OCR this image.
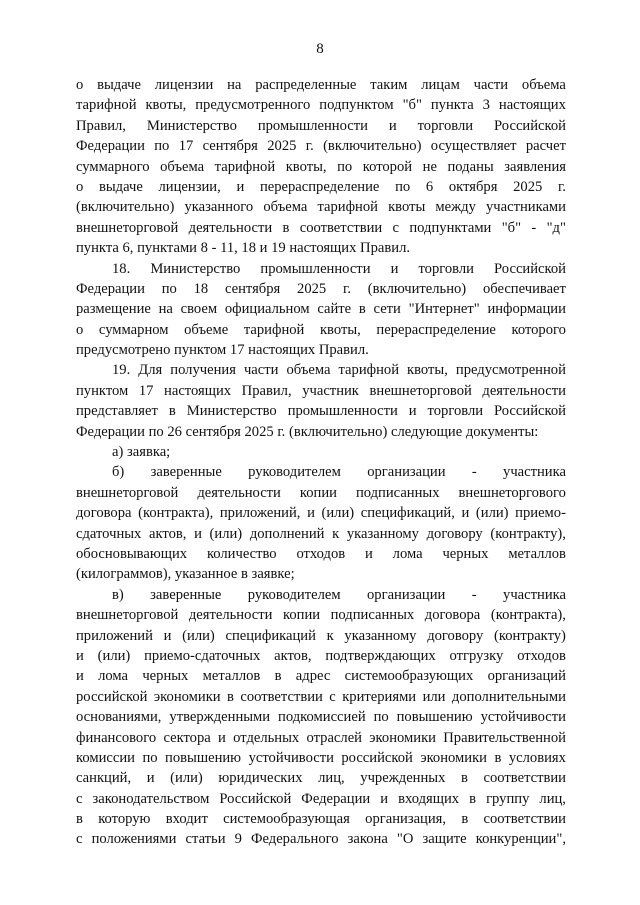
8
о выдаче лицензии на распределенные таким лицам части объема
тарифной квоты, предусмотренного подпунктом "б" пункта 3 настоящих
Правил, Министерство промышленности и торговли Российской
Федерации по 17 сентября 2025 г. (включительно) осуществляет расчет
суммарного объема тарифной квоты, по которой не поданы заявления
о выдаче лицензии, и перераспределение по 6 октября 2025 г.
(включительно) указанного объема тарифной квоты между участниками
внешнеторговой деятельности в соответствии с подпунктами "б" - "д"
пункта 6, пунктами 8 - 11, 18 и 19 настоящих Правил.
18. Министерство промышленности и торговли Российской
Федерации по 18 сентября 2025 г. (включительно) обеспечивает
размещение на своем официальном сайте в сети "Интернет" информации
о суммарном объеме тарифной квоты, перераспределение которого
предусмотрено пунктом 17 настоящих Правил.
19. Для получения части объема тарифной квоты, предусмотренной
пунктом 17 настоящих Правил, участник внешнеторговой деятельности
представляет в Министерство промышленности и торговли Российской
Федерации по 26 сентября 2025 г. (включительно) следующие документы:
а) заявка;
б) заверенные руководителем организации - участника
внешнеторговой деятельности копии подписанных внешнеторгового
договора (контракта), приложений, и (или) спецификаций, и (или) приемо-
сдаточных актов, и (или) дополнений к указанному договору (контракту),
обосновывающих количество отходов и лома черных металлов
(килограммов), указанное в заявке;
в) заверенные руководителем организации - участника
внешнеторговой деятельности копии подписанных договора (контракта),
приложений и (или) спецификаций к указанному договору (контракту)
и (или) приемо-сдаточных актов, подтверждающих отгрузку отходов
и лома черных металлов в адрес системообразующих организаций
российской экономики в соответствии с критериями или дополнительными
основаниями, утвержденными подкомиссией по повышению устойчивости
финансового сектора и отдельных отраслей экономики Правительственной
комиссии по повышению устойчивости российской экономики в условиях
санкций, и (или) юридических лиц, учрежденных в соответствии
с законодательством Российской Федерации и входящих в группу лиц,
в которую входит системообразующая организация, в соответствии
с положениями статьи 9 Федерального закона "О защите конкуренции",
